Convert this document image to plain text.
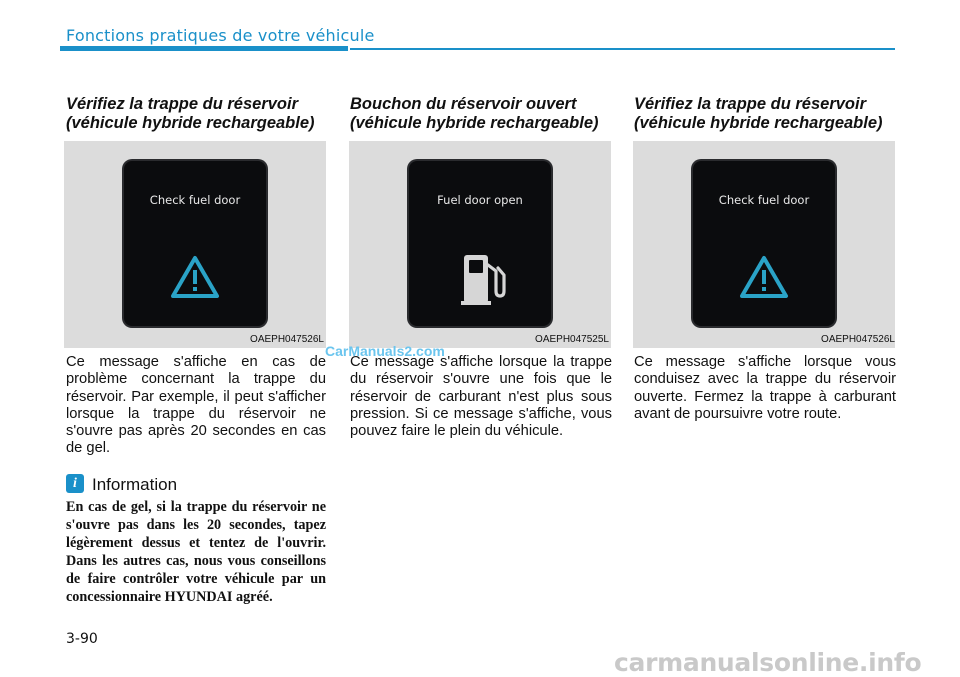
Fonctions pratiques de votre véhicule
Vérifiez la trappe du réservoir
(véhicule hybride rechargeable)
Check fuel door
OAEPH047526L
Ce message s'affiche en cas de problème concernant la trappe du réservoir. Par exemple, il peut s'afficher lorsque la trappe du réservoir ne s'ouvre pas après 20 secondes en cas de gel.
i Information
En cas de gel, si la trappe du réservoir ne s'ouvre pas dans les 20 secondes, tapez légèrement dessus et tentez de l'ouvrir. Dans les autres cas, nous vous conseillons de faire contrôler votre véhicule par un concessionnaire HYUNDAI agréé.
Bouchon du réservoir ouvert
(véhicule hybride rechargeable)
Fuel door open
OAEPH047525L
Ce message s'affiche lorsque la trappe du réservoir s'ouvre une fois que le réservoir de carburant n'est plus sous pression. Si ce message s'affiche, vous pouvez faire le plein du véhicule.
Vérifiez la trappe du réservoir
(véhicule hybride rechargeable)
Check fuel door
OAEPH047526L
Ce message s'affiche lorsque vous conduisez avec la trappe du réservoir ouverte. Fermez la trappe à carburant avant de poursuivre votre route.
3-90
CarManuals2.com
carmanualsonline.info
